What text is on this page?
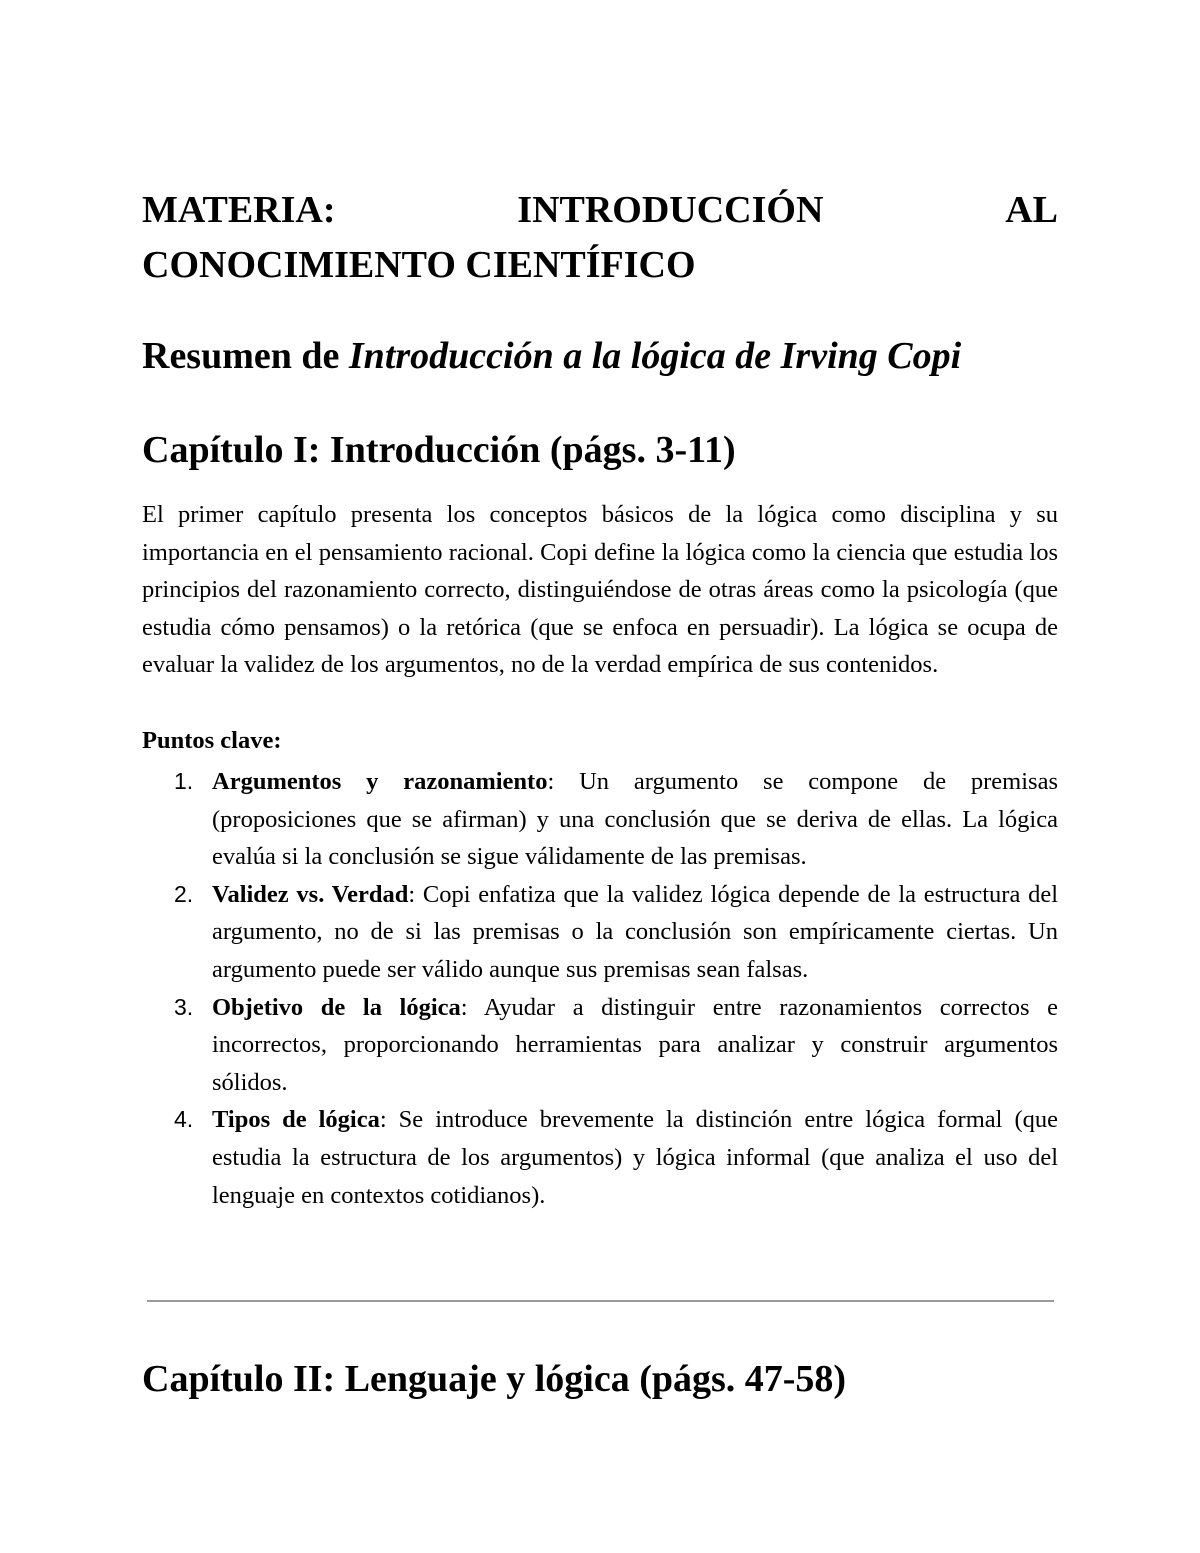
MATERIA:	INTRODUCCIÓN	AL
CONOCIMIENTO CIENTÍFICO
Resumen de Introducción a la lógica de Irving Copi
Capítulo I: Introducción (págs. 3-11)

El primer capítulo presenta los conceptos básicos de la lógica como disciplina y su importancia en el pensamiento racional. Copi define la lógica como la ciencia que estudia los principios del razonamiento correcto, distinguiéndose de otras áreas como la psicología (que estudia cómo pensamos) o la retórica (que se enfoca en persuadir). La lógica se ocupa de evaluar la validez de los argumentos, no de la verdad empírica de sus contenidos.

Puntos clave:

1. Argumentos y razonamiento: Un argumento se compone de premisas (proposiciones que se afirman) y una conclusión que se deriva de ellas. La lógica evalúa si la conclusión se sigue válidamente de las premisas.
2. Validez vs. Verdad: Copi enfatiza que la validez lógica depende de la estructura del argumento, no de si las premisas o la conclusión son empíricamente ciertas. Un argumento puede ser válido aunque sus premisas sean falsas.
3. Objetivo de la lógica: Ayudar a distinguir entre razonamientos correctos e incorrectos, proporcionando herramientas para analizar y construir argumentos sólidos.
4. Tipos de lógica: Se introduce brevemente la distinción entre lógica formal (que estudia la estructura de los argumentos) y lógica informal (que analiza el uso del lenguaje en contextos cotidianos).
Capítulo II: Lenguaje y lógica (págs. 47-58)
